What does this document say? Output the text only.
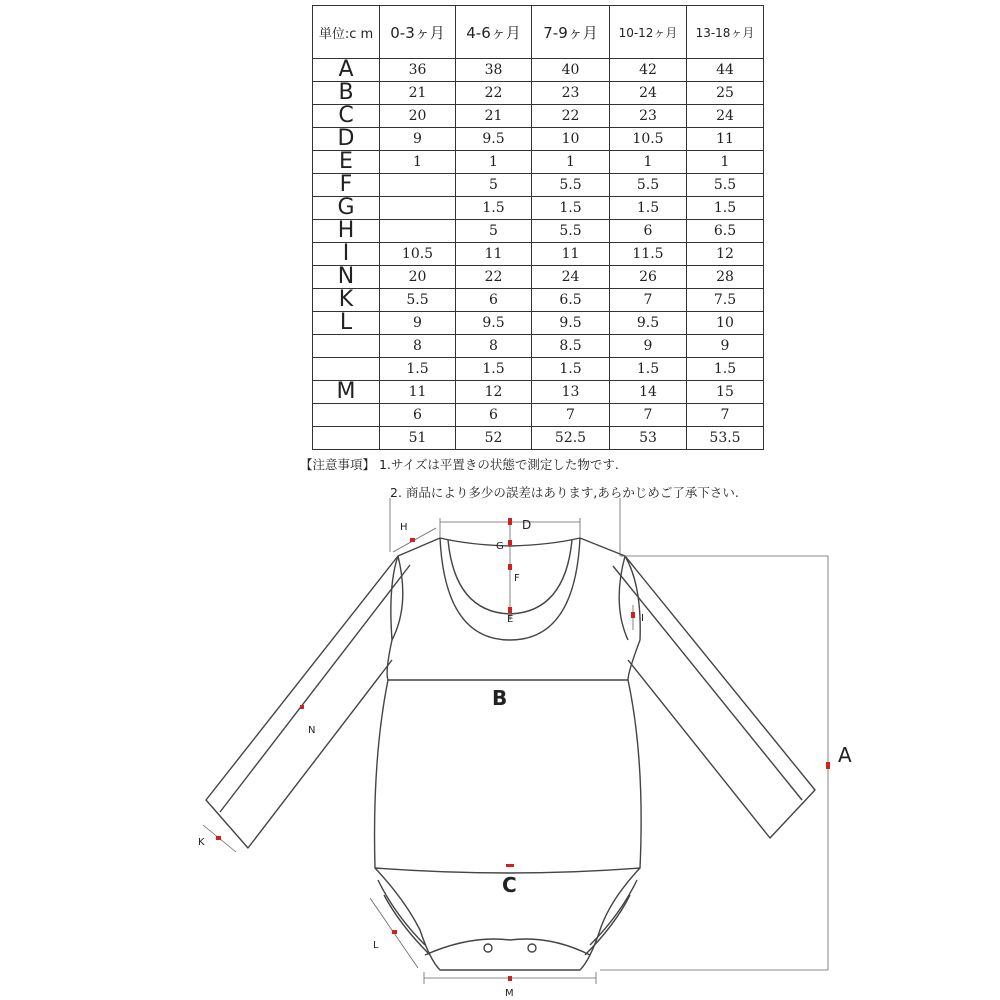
単位:c m	0-3ヶ月	4-6ヶ月	7-9ヶ月	10-12ヶ月	13-18ヶ月
A	36	38	40	42	44
B	21	22	23	24	25
C	20	21	22	23	24
D	9	9.5	10	10.5	11
E	1	1	1	1	1
F		5	5.5	5.5	5.5
G		1.5	1.5	1.5	1.5
H		5	5.5	6	6.5
I	10.5	11	11	11.5	12
N	20	22	24	26	28
K	5.5	6	6.5	7	7.5
L	9	9.5	9.5	9.5	10
	8	8	8.5	9	9
	1.5	1.5	1.5	1.5	1.5
M	11	12	13	14	15
	6	6	7	7	7
	51	52	52.5	53	53.5
【注意事項】 1.サイズは平置きの状態で測定した物です.
2. 商品により多少の誤差はあります,あらかじめご了承下さい.
A
B
C
D
E
F
G
H
I
K
L
M
N
